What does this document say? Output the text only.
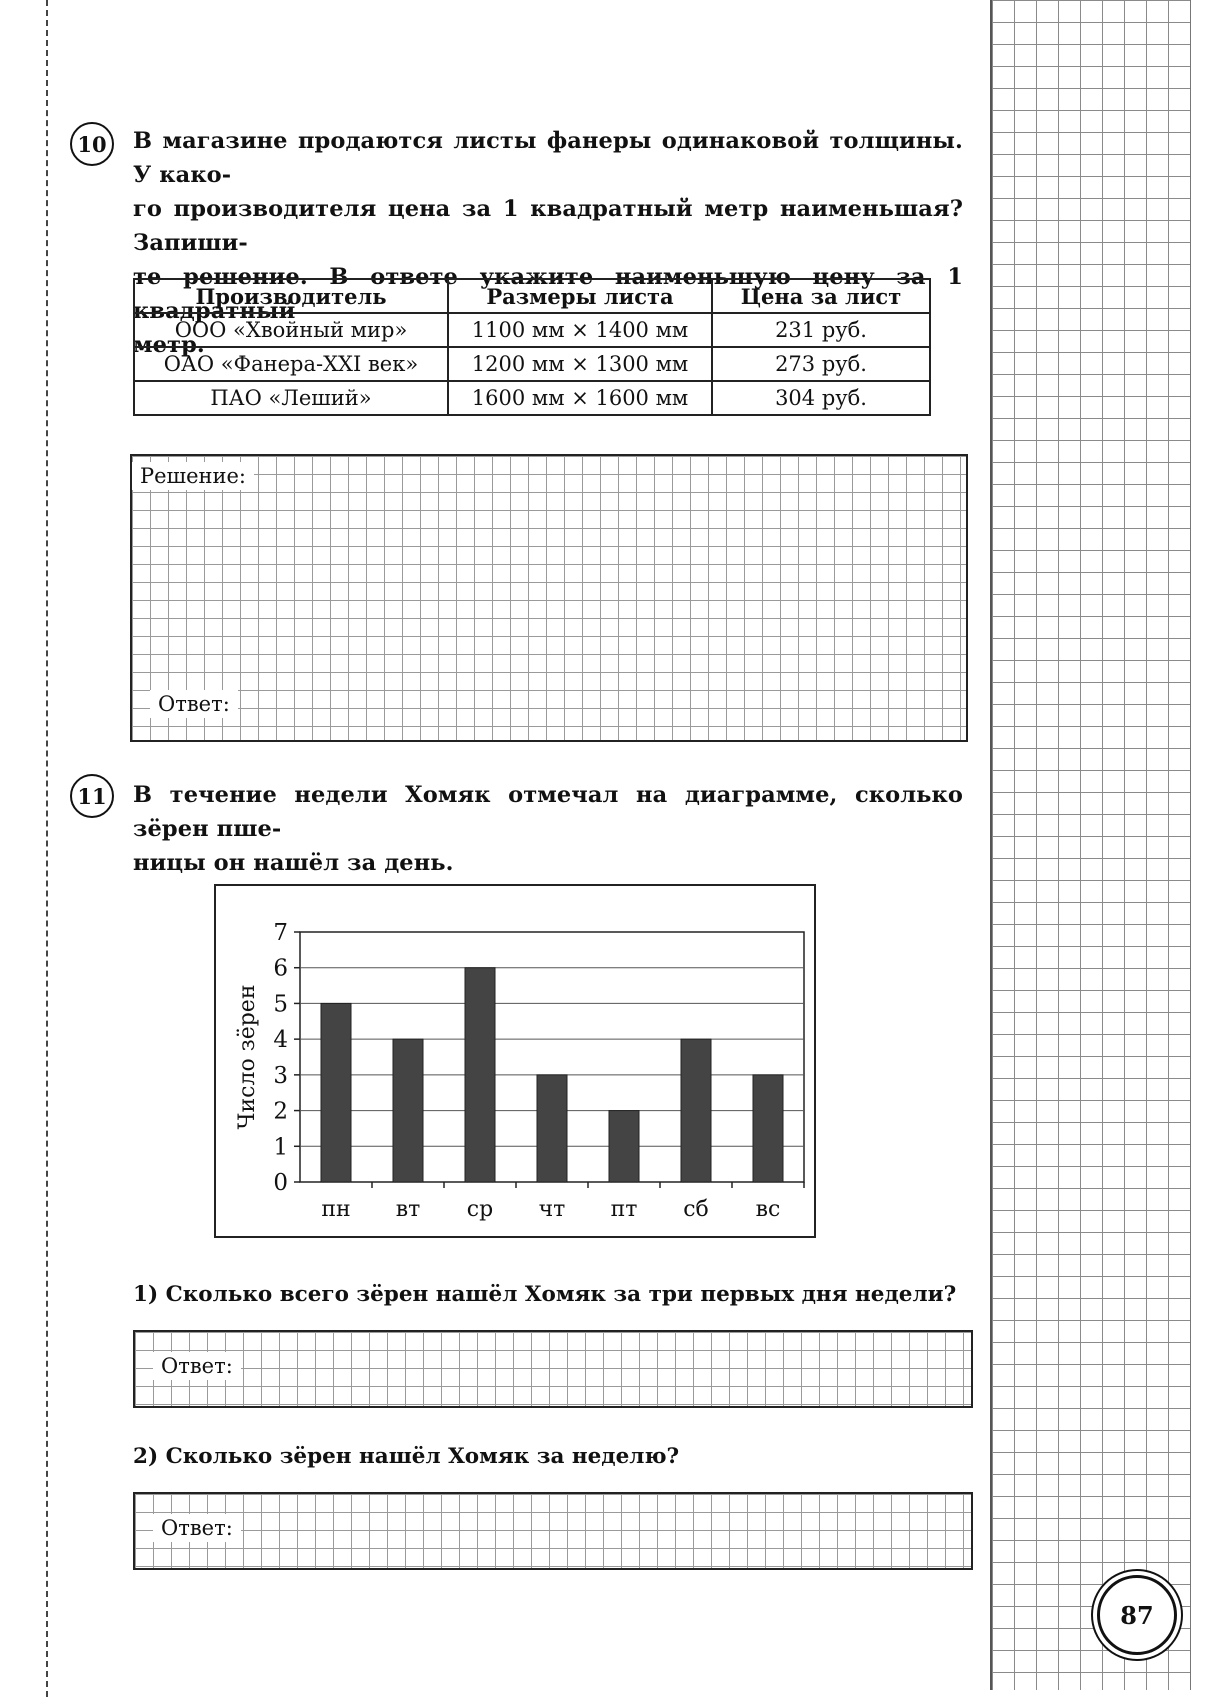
10	В магазине продаются листы фанеры одинаковой толщины. У како-
го производителя цена за 1 квадратный метр наименьшая? Запиши-
те решение. В ответе укажите наименьшую цену за 1 квадратный
метр.
Производитель	Размеры листа	Цена за лист
ООО «Хвойный мир»	1100 мм × 1400 мм	231 руб.
ОАО «Фанера-XXI век»	1200 мм × 1300 мм	273 руб.
ПАО «Леший»	1600 мм × 1600 мм	304 руб.
Решение:
Ответ:
11	В течение недели Хомяк отмечал на диаграмме, сколько зёрен пше-
ницы он нашёл за день.
0
1
2
3
4
5
6
7
Число зёрен
пн вт ср чт пт сб вс
1) Сколько всего зёрен нашёл Хомяк за три первых дня недели?
Ответ:
2) Сколько зёрен нашёл Хомяк за неделю?
Ответ:
87
